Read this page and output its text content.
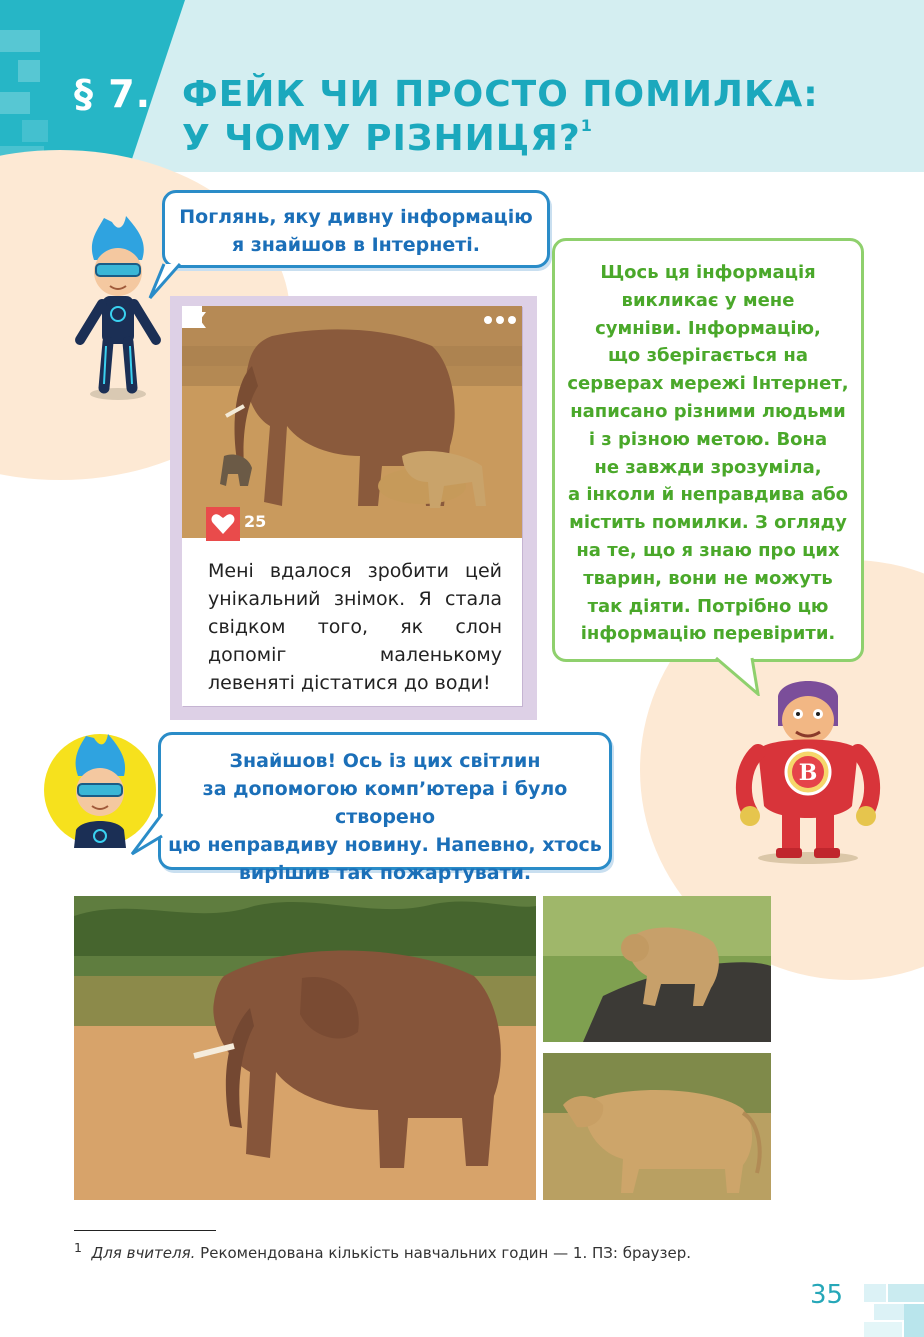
§ 7. ФЕЙК ЧИ ПРОСТО ПОМИЛКА:
У ЧОМУ РІЗНИЦЯ?$^1$
Поглянь, яку дивну інформацію
я знайшов в Інтернеті.
25
Мені вдалося зробити цей унікальний знімок. Я стала свідком того, як слон допоміг маленькому левеняті дістатися до води!
Щось ця інформація
викликає у мене
сумніви. Інформацію,
що зберігається на
серверах мережі Інтернет,
написано різними людьми
і з різною метою. Вона
не завжди зрозуміла,
а інколи й неправдива або
містить помилки. З огляду
на те, що я знаю про цих
тварин, вони не можуть
так діяти. Потрібно цю
інформацію перевірити.
B
Знайшов! Ось із цих світлин
за допомогою комп’ютера і було створено
цю неправдиву новину. Напевно, хтось
вирішив так пожартувати.
$^1$ Для вчителя. Рекомендована кількість навчальних годин — 1. ПЗ: браузер.
35
